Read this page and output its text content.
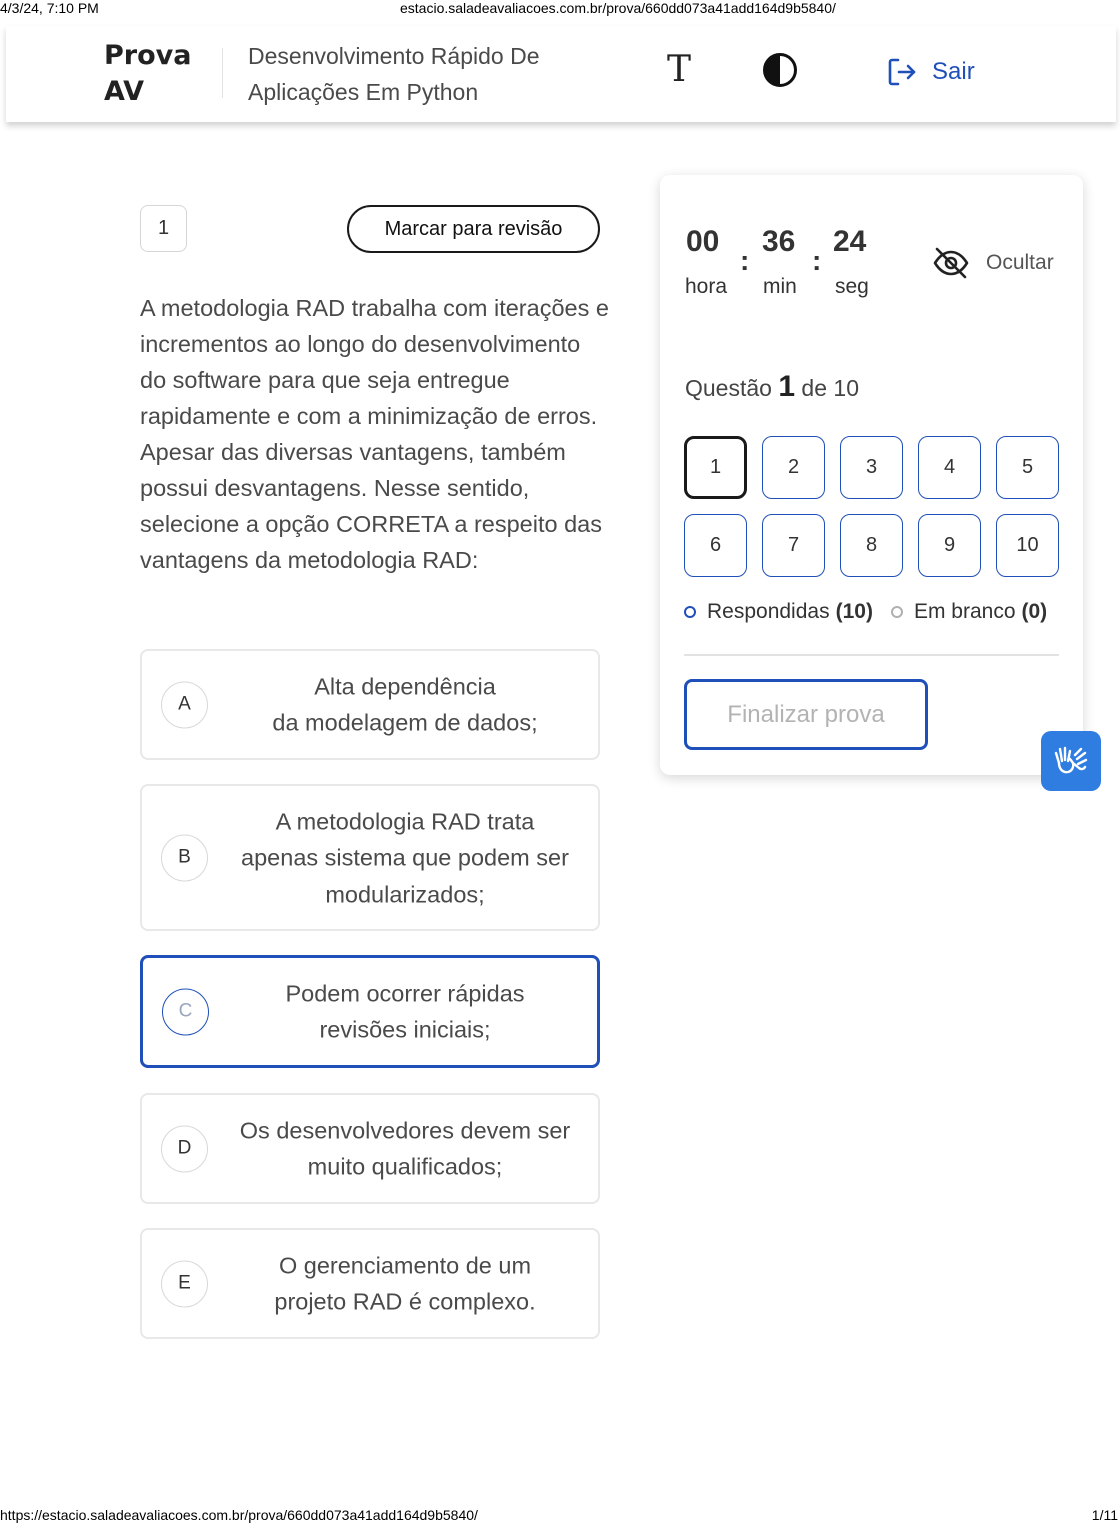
4/3/24, 7:10 PM	estacio.saladeavaliacoes.com.br/prova/660dd073a41add164d9b5840/
Prova
AV
Desenvolvimento Rápido De
Aplicações Em Python
T	Sair
1	Marcar para revisão
A metodologia RAD trabalha com iterações e incrementos ao longo do desenvolvimento do software para que seja entregue rapidamente e com a minimização de erros. Apesar das diversas vantagens, também possui desvantagens. Nesse sentido, selecione a opção CORRETA a respeito das vantagens da metodologia RAD:
A
Alta dependência
da modelagem de dados;
B
A metodologia RAD trata
apenas sistema que podem ser
modularizados;
C
Podem ocorrer rápidas
revisões iniciais;
D
Os desenvolvedores devem ser
muito qualificados;
E
O gerenciamento de um
projeto RAD é complexo.
00
:
36
:
24
hora min seg
Ocultar
Questão 1 de 10
1	2	3	4	5
6	7	8	9	10
Respondidas (10) Em branco (0)
Finalizar prova
https://estacio.saladeavaliacoes.com.br/prova/660dd073a41add164d9b5840/	1/11
